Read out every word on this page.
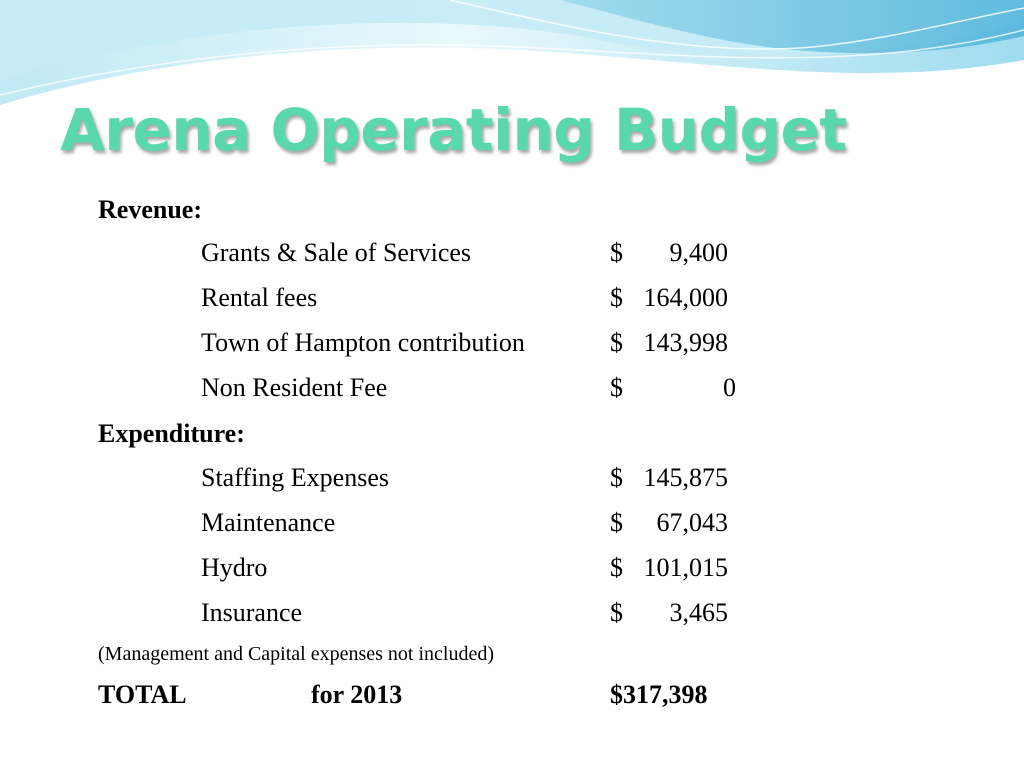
Arena Operating Budget
Revenue:
Grants & Sale of Services	$ 9,400
Rental fees	$ 164,000
Town of Hampton contribution	$ 143,998
Non Resident Fee	$	0
Expenditure:
Staffing Expenses	$ 145,875
Maintenance	$ 67,043
Hydro	$ 101,015
Insurance	$ 3,465
(Management and Capital expenses not included)
TOTAL	for 2013	$317,398
